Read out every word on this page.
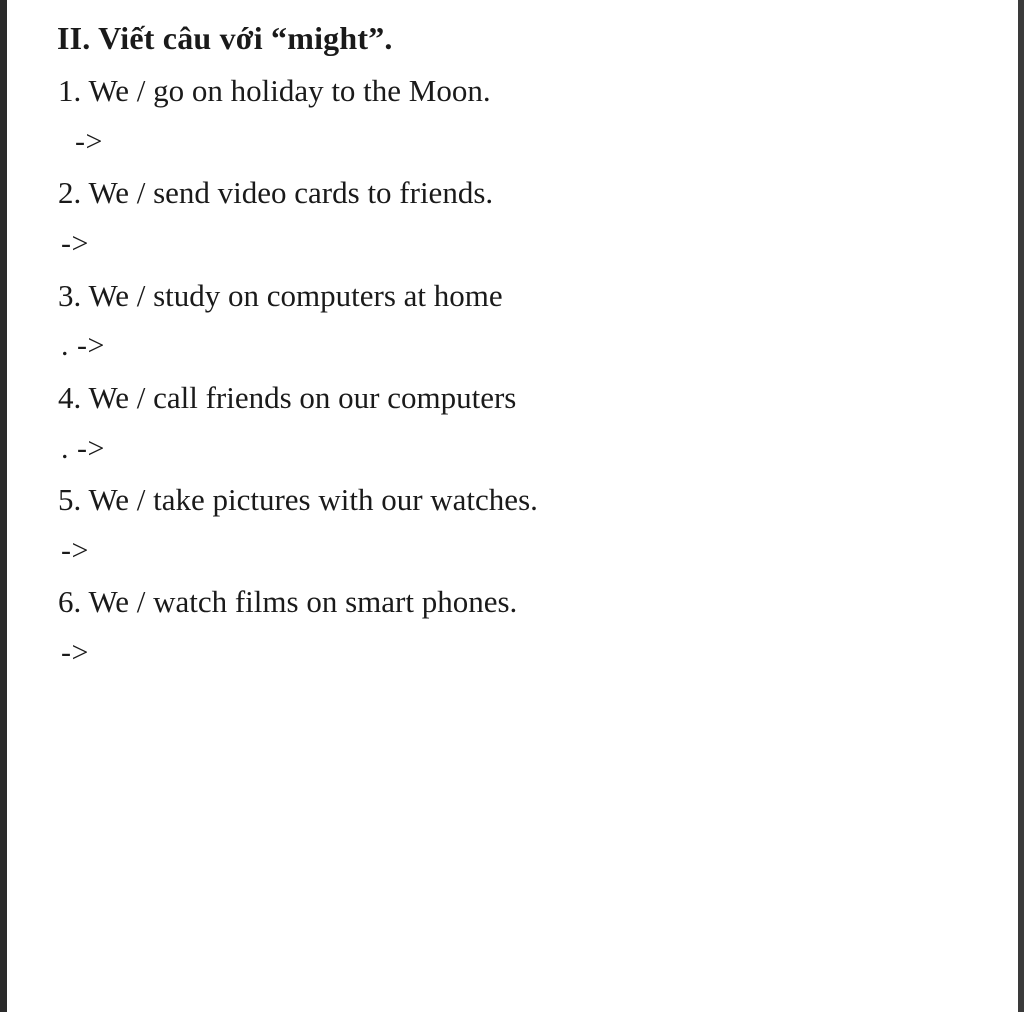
II. Viết câu với “might”.
1. We / go on holiday to the Moon.
->
2. We / send video cards to friends.
->
3. We / study on computers at home
. ->
4. We / call friends on our computers
. ->
5. We / take pictures with our watches.
->
6. We / watch films on smart phones.
->
